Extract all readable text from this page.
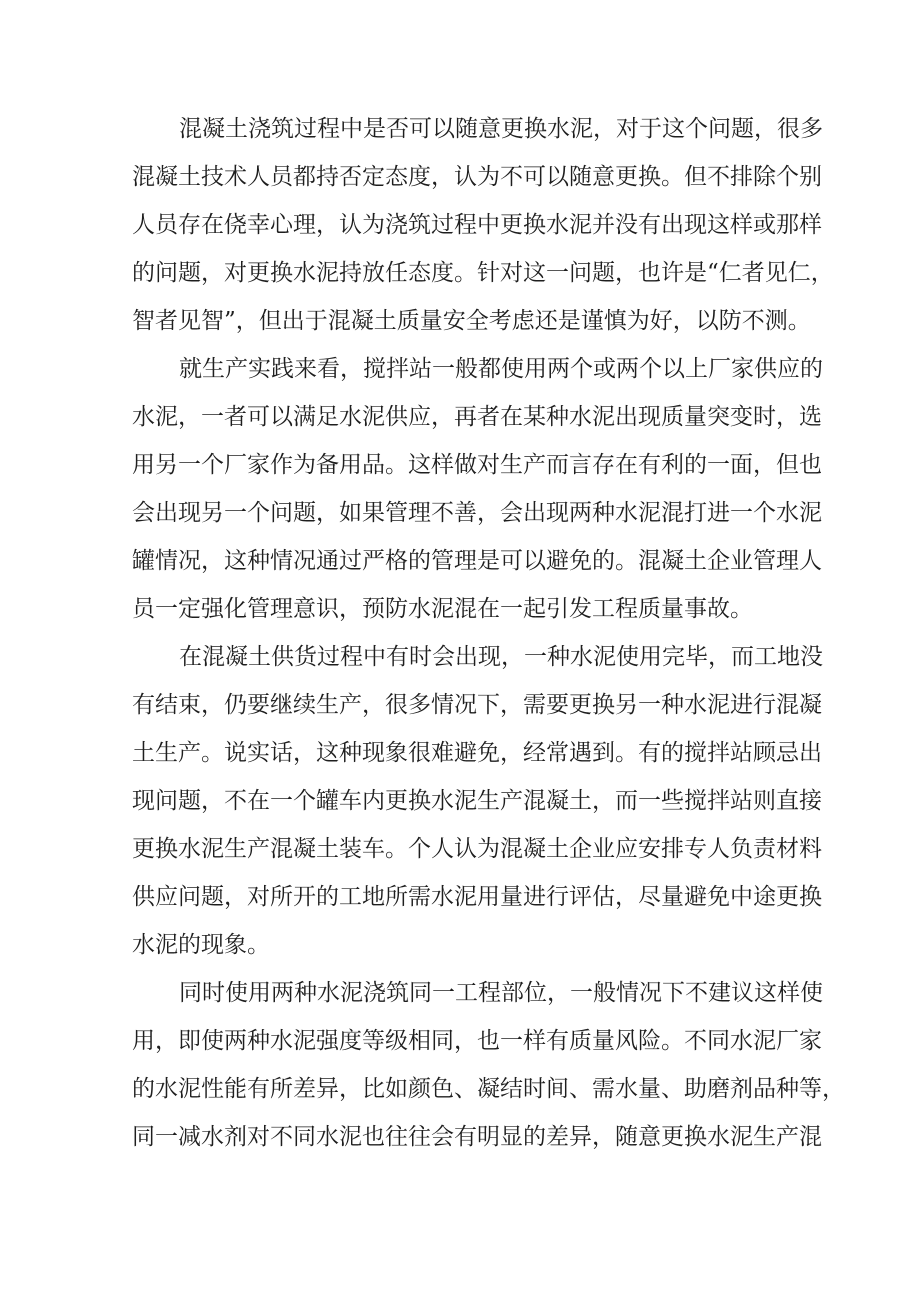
混凝土浇筑过程中是否可以随意更换水泥，对于这个问题，很多

混凝土技术人员都持否定态度，认为不可以随意更换。但不排除个别

人员存在侥幸心理，认为浇筑过程中更换水泥并没有出现这样或那样

的问题，对更换水泥持放任态度。针对这一问题，也许是“仁者见仁，

智者见智”，但出于混凝土质量安全考虑还是谨慎为好，以防不测。

就生产实践来看，搅拌站一般都使用两个或两个以上厂家供应的

水泥，一者可以满足水泥供应，再者在某种水泥出现质量突变时，选

用另一个厂家作为备用品。这样做对生产而言存在有利的一面，但也

会出现另一个问题，如果管理不善，会出现两种水泥混打进一个水泥

罐情况，这种情况通过严格的管理是可以避免的。混凝土企业管理人

员一定强化管理意识，预防水泥混在一起引发工程质量事故。

在混凝土供货过程中有时会出现，一种水泥使用完毕，而工地没

有结束，仍要继续生产，很多情况下，需要更换另一种水泥进行混凝

土生产。说实话，这种现象很难避免，经常遇到。有的搅拌站顾忌出

现问题，不在一个罐车内更换水泥生产混凝土，而一些搅拌站则直接

更换水泥生产混凝土装车。个人认为混凝土企业应安排专人负责材料

供应问题，对所开的工地所需水泥用量进行评估，尽量避免中途更换

水泥的现象。

同时使用两种水泥浇筑同一工程部位，一般情况下不建议这样使

用，即使两种水泥强度等级相同，也一样有质量风险。不同水泥厂家

的水泥性能有所差异，比如颜色、凝结时间、需水量、助磨剂品种等，

同一减水剂对不同水泥也往往会有明显的差异，随意更换水泥生产混
